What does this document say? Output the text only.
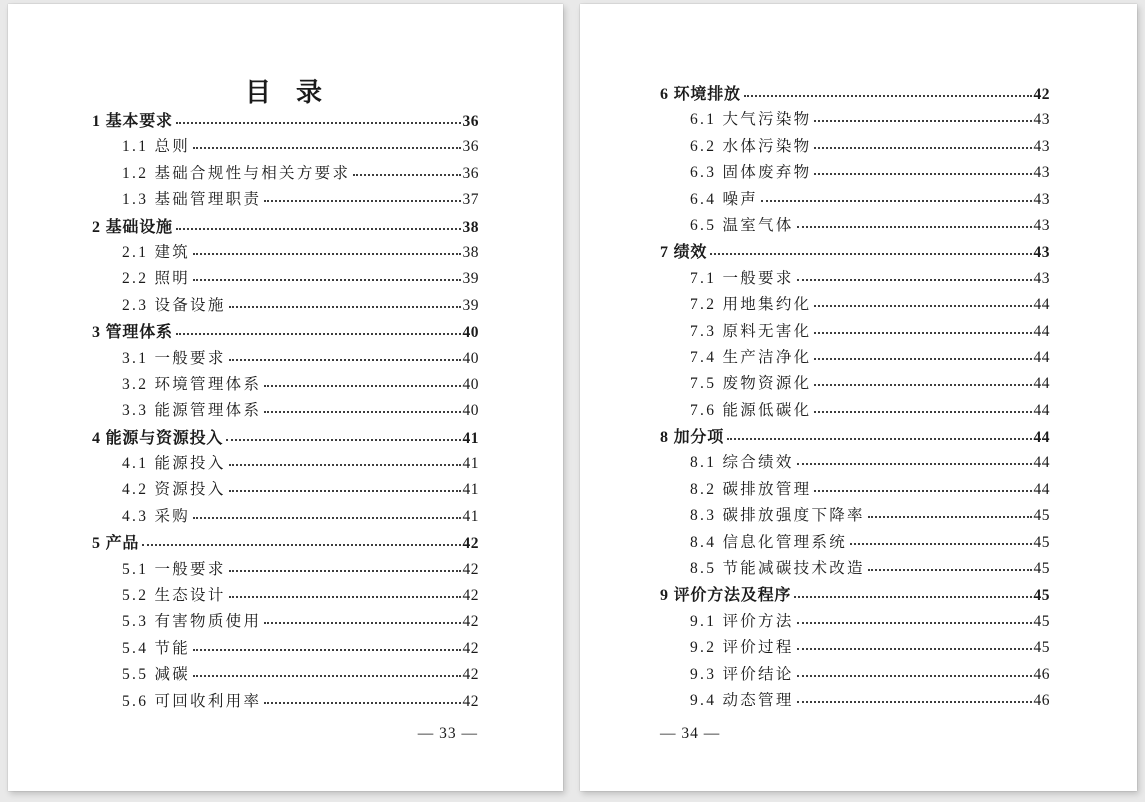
目  录
1 基本要求	36
1.1 总则	36
1.2 基础合规性与相关方要求	36
1.3 基础管理职责	37
2 基础设施	38
2.1 建筑	38
2.2 照明	39
2.3 设备设施	39
3 管理体系	40
3.1 一般要求	40
3.2 环境管理体系	40
3.3 能源管理体系	40
4 能源与资源投入	41
4.1 能源投入	41
4.2 资源投入	41
4.3 采购	41
5 产品	42
5.1 一般要求	42
5.2 生态设计	42
5.3 有害物质使用	42
5.4 节能	42
5.5 减碳	42
5.6 可回收利用率	42
— 33 —
6 环境排放	42
6.1 大气污染物	43
6.2 水体污染物	43
6.3 固体废弃物	43
6.4 噪声	43
6.5 温室气体	43
7 绩效	43
7.1 一般要求	43
7.2 用地集约化	44
7.3 原料无害化	44
7.4 生产洁净化	44
7.5 废物资源化	44
7.6 能源低碳化	44
8 加分项	44
8.1 综合绩效	44
8.2 碳排放管理	44
8.3 碳排放强度下降率	45
8.4 信息化管理系统	45
8.5 节能减碳技术改造	45
9 评价方法及程序	45
9.1 评价方法	45
9.2 评价过程	45
9.3 评价结论	46
9.4 动态管理	46
— 34 —
